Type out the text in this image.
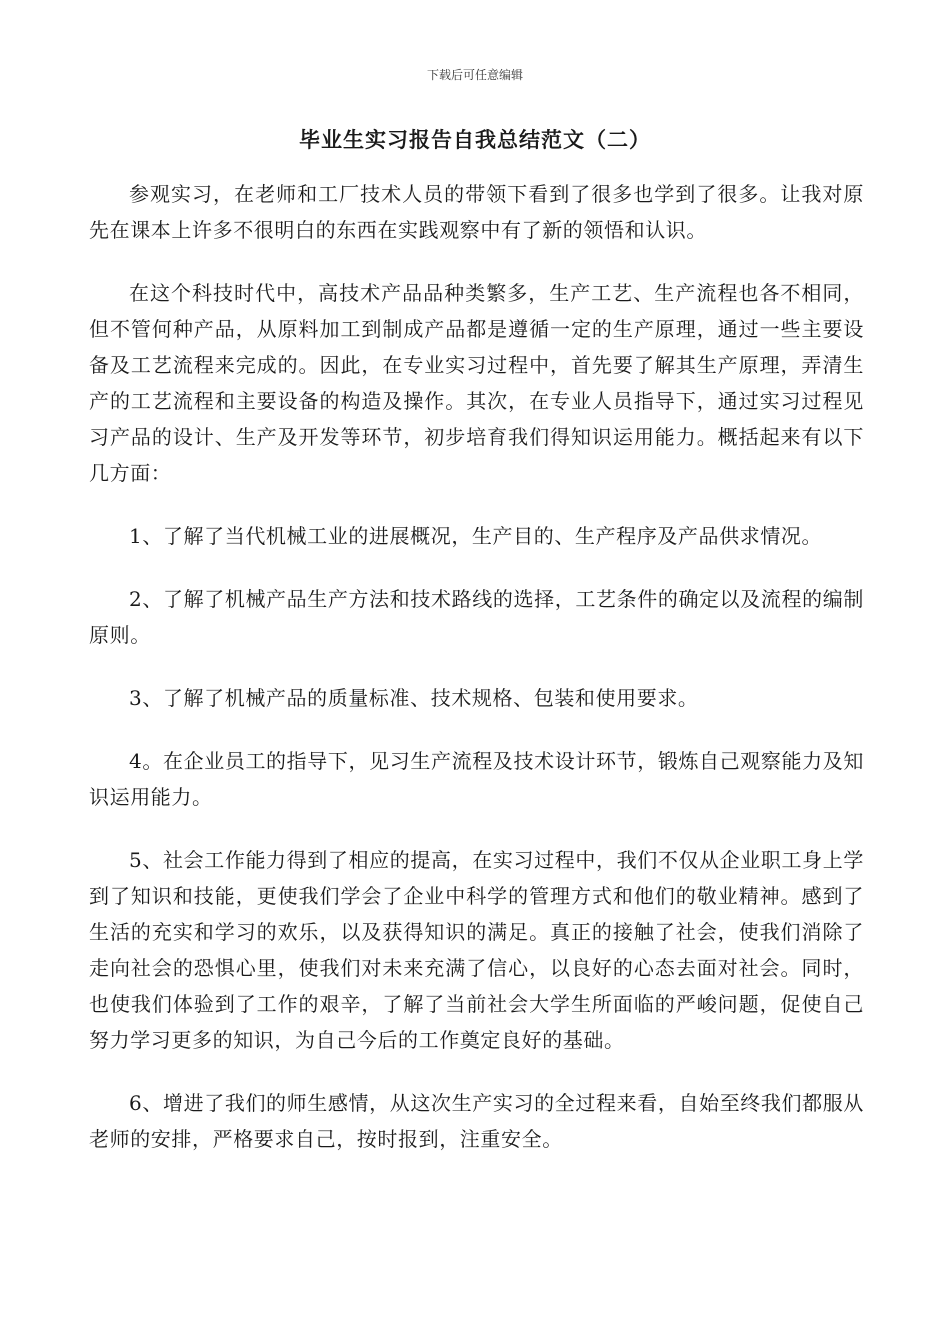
下载后可任意编辑
毕业生实习报告自我总结范文（二）

参观实习，在老师和工厂技术人员的带领下看到了很多也学到了很多。让我对原先在课本上许多不很明白的东西在实践观察中有了新的领悟和认识。

在这个科技时代中，高技术产品品种类繁多，生产工艺、生产流程也各不相同，但不管何种产品，从原料加工到制成产品都是遵循一定的生产原理，通过一些主要设备及工艺流程来完成的。因此，在专业实习过程中，首先要了解其生产原理，弄清生产的工艺流程和主要设备的构造及操作。其次，在专业人员指导下，通过实习过程见习产品的设计、生产及开发等环节，初步培育我们得知识运用能力。概括起来有以下几方面：

1、了解了当代机械工业的进展概况，生产目的、生产程序及产品供求情况。

2、了解了机械产品生产方法和技术路线的选择，工艺条件的确定以及流程的编制原则。

3、了解了机械产品的质量标准、技术规格、包装和使用要求。

4。在企业员工的指导下，见习生产流程及技术设计环节，锻炼自己观察能力及知识运用能力。

5、社会工作能力得到了相应的提高，在实习过程中，我们不仅从企业职工身上学到了知识和技能，更使我们学会了企业中科学的管理方式和他们的敬业精神。感到了生活的充实和学习的欢乐，以及获得知识的满足。真正的接触了社会，使我们消除了走向社会的恐惧心里，使我们对未来充满了信心，以良好的心态去面对社会。同时，也使我们体验到了工作的艰辛，了解了当前社会大学生所面临的严峻问题，促使自己努力学习更多的知识，为自己今后的工作奠定良好的基础。

6、增进了我们的师生感情，从这次生产实习的全过程来看，自始至终我们都服从老师的安排，严格要求自己，按时报到，注重安全。
